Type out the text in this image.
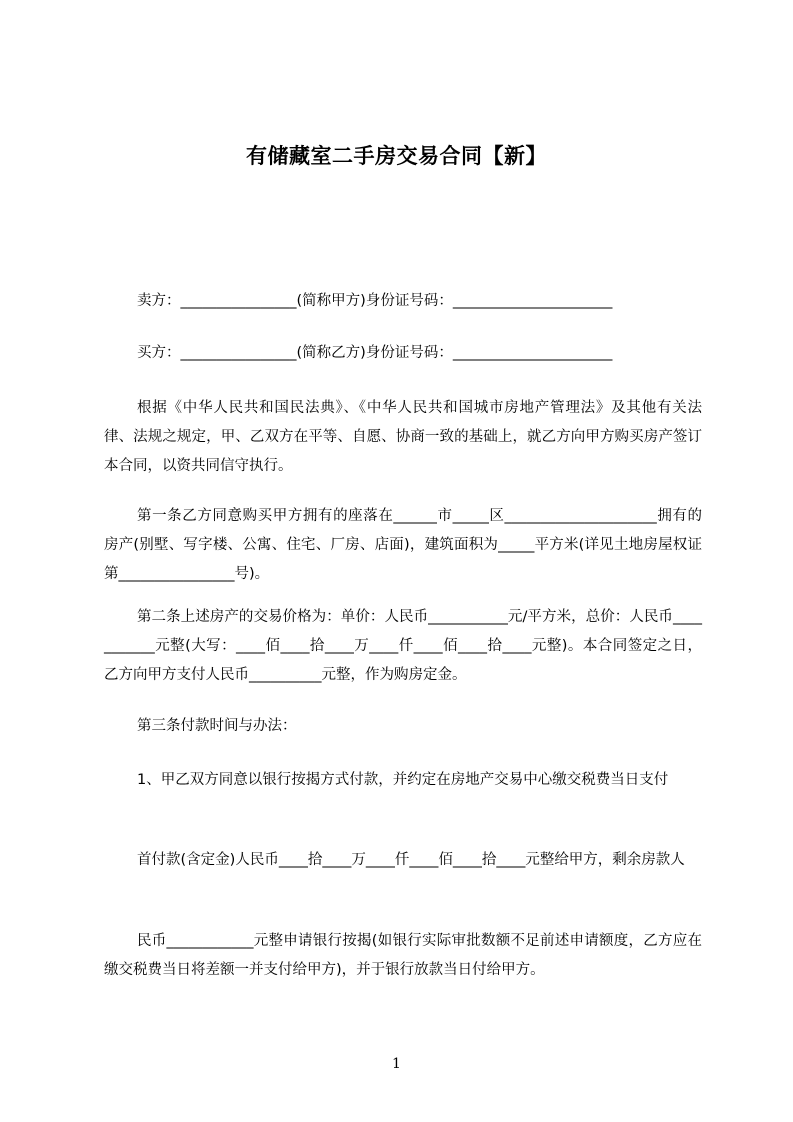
有储藏室二手房交易合同【新】

卖方：________________(简称甲方)身份证号码：______________________

买方：________________(简称乙方)身份证号码：______________________

根据《中华人民共和国民法典》、《中华人民共和国城市房地产管理法》及其他有关法律、法规之规定，甲、乙双方在平等、自愿、协商一致的基础上，就乙方向甲方购买房产签订本合同，以资共同信守执行。

第一条乙方同意购买甲方拥有的座落在______市_____区_____________________拥有的房产(别墅、写字楼、公寓、住宅、厂房、店面)，建筑面积为_____平方米(详见土地房屋权证第________________号)。

第二条上述房产的交易价格为：单价：人民币___________元/平方米，总价：人民币___________元整(大写：____佰____拾____万____仟____佰____拾____元整)。本合同签定之日，乙方向甲方支付人民币__________元整，作为购房定金。

第三条付款时间与办法：

1、甲乙双方同意以银行按揭方式付款，并约定在房地产交易中心缴交税费当日支付

首付款(含定金)人民币____拾____万____仟____佰____拾____元整给甲方，剩余房款人

民币____________元整申请银行按揭(如银行实际审批数额不足前述申请额度，乙方应在缴交税费当日将差额一并支付给甲方)，并于银行放款当日付给甲方。

1
